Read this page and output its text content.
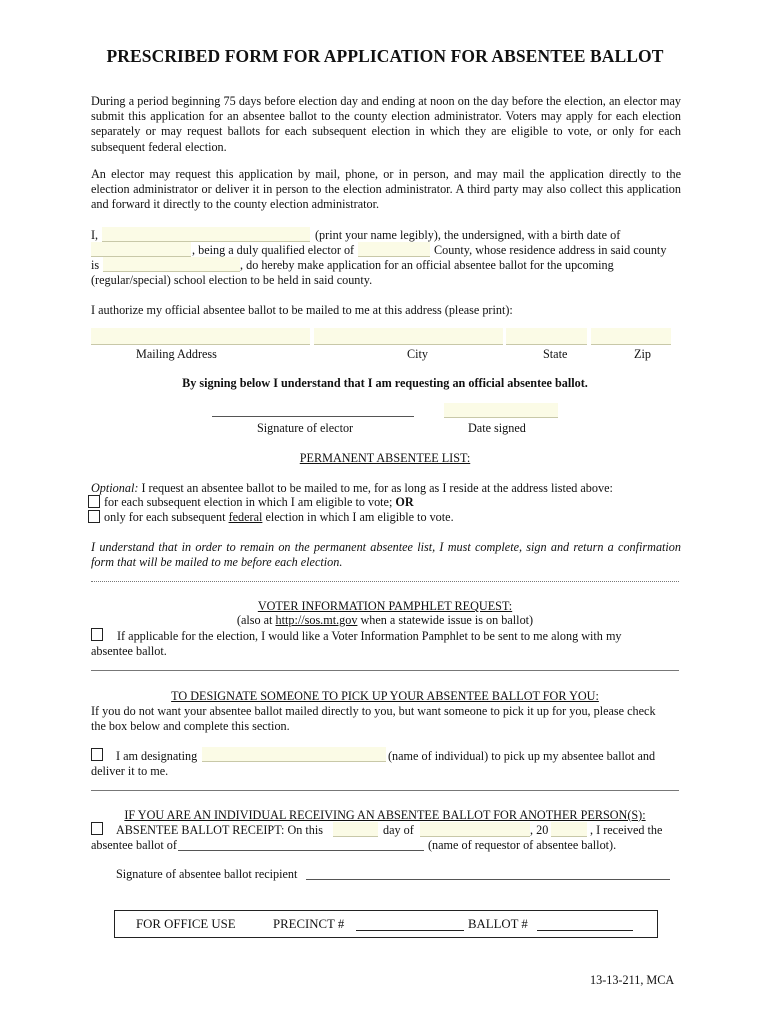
PRESCRIBED FORM FOR APPLICATION FOR ABSENTEE BALLOT
During a period beginning 75 days before election day and ending at noon on the day before the election, an elector may submit this application for an absentee ballot to the county election administrator. Voters may apply for each election separately or may request ballots for each subsequent election in which they are eligible to vote, or only for each subsequent federal election.
An elector may request this application by mail, phone, or in person, and may mail the application directly to the election administrator or deliver it in person to the election administrator. A third party may also collect this application and forward it directly to the county election administrator.
I,	(print your name legibly), the undersigned, with a birth date of
, being a duly qualified elector of	County, whose residence address in said county
is	, do hereby make application for an official absentee ballot for the upcoming
(regular/special) school election to be held in said county.
I authorize my official absentee ballot to be mailed to me at this address (please print):
Mailing Address	City	State	Zip
By signing below I understand that I am requesting an official absentee ballot.
Signature of elector	Date signed
PERMANENT ABSENTEE LIST:
Optional: I request an absentee ballot to be mailed to me, for as long as I reside at the address listed above:
for each subsequent election in which I am eligible to vote; OR
only for each subsequent federal election in which I am eligible to vote.
I understand that in order to remain on the permanent absentee list, I must complete, sign and return a confirmation form that will be mailed to me before each election.
VOTER INFORMATION PAMPHLET REQUEST:
(also at http://sos.mt.gov when a statewide issue is on ballot)
If applicable for the election, I would like a Voter Information Pamphlet to be sent to me along with my
absentee ballot.
TO DESIGNATE SOMEONE TO PICK UP YOUR ABSENTEE BALLOT FOR YOU:
If you do not want your absentee ballot mailed directly to you, but want someone to pick it up for you, please check
the box below and complete this section.
I am designating	(name of individual) to pick up my absentee ballot and
deliver it to me.
IF YOU ARE AN INDIVIDUAL RECEIVING AN ABSENTEE BALLOT FOR ANOTHER PERSON(S):
ABSENTEE BALLOT RECEIPT: On this	day of	, 20	, I received the
absentee ballot of	(name of requestor of absentee ballot).
Signature of absentee ballot recipient
FOR OFFICE USE	PRECINCT #	BALLOT #
13-13-211, MCA
